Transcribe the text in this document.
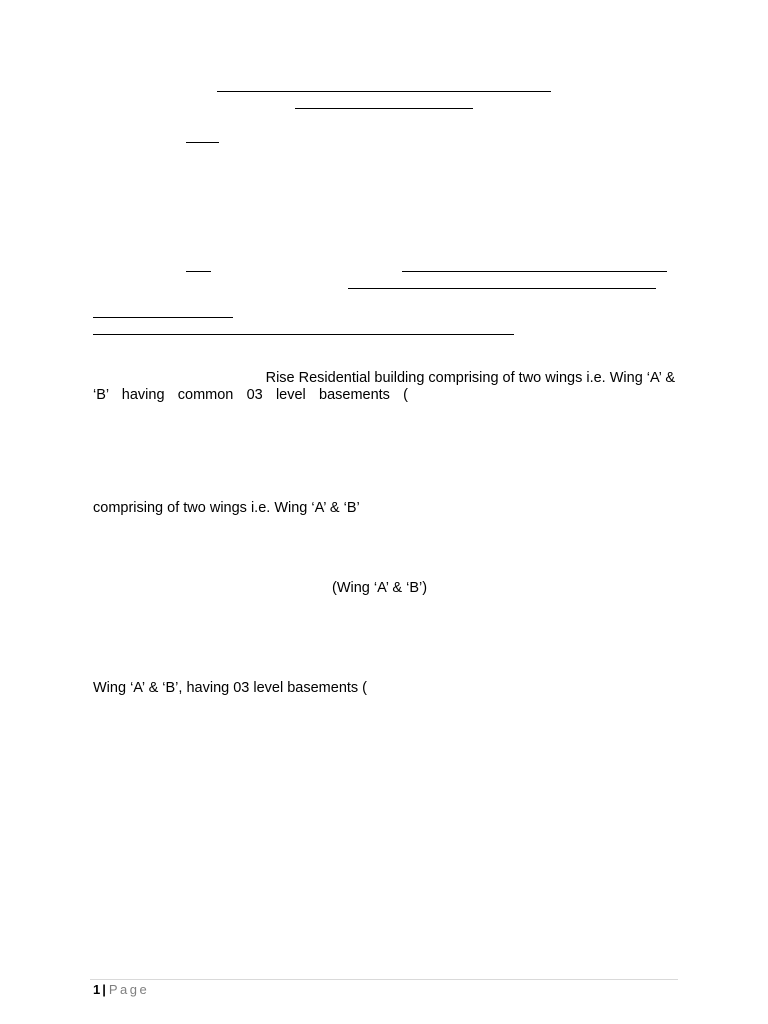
Rise Residential building comprising of two wings i.e. Wing ‘A’ &
‘B’ having common 03 level basements (
comprising of two wings i.e. Wing ‘A’ & ‘B’
(Wing ‘A’ & ‘B’)
Wing ‘A’ & ‘B’, having 03 level basements (
1 | Page
